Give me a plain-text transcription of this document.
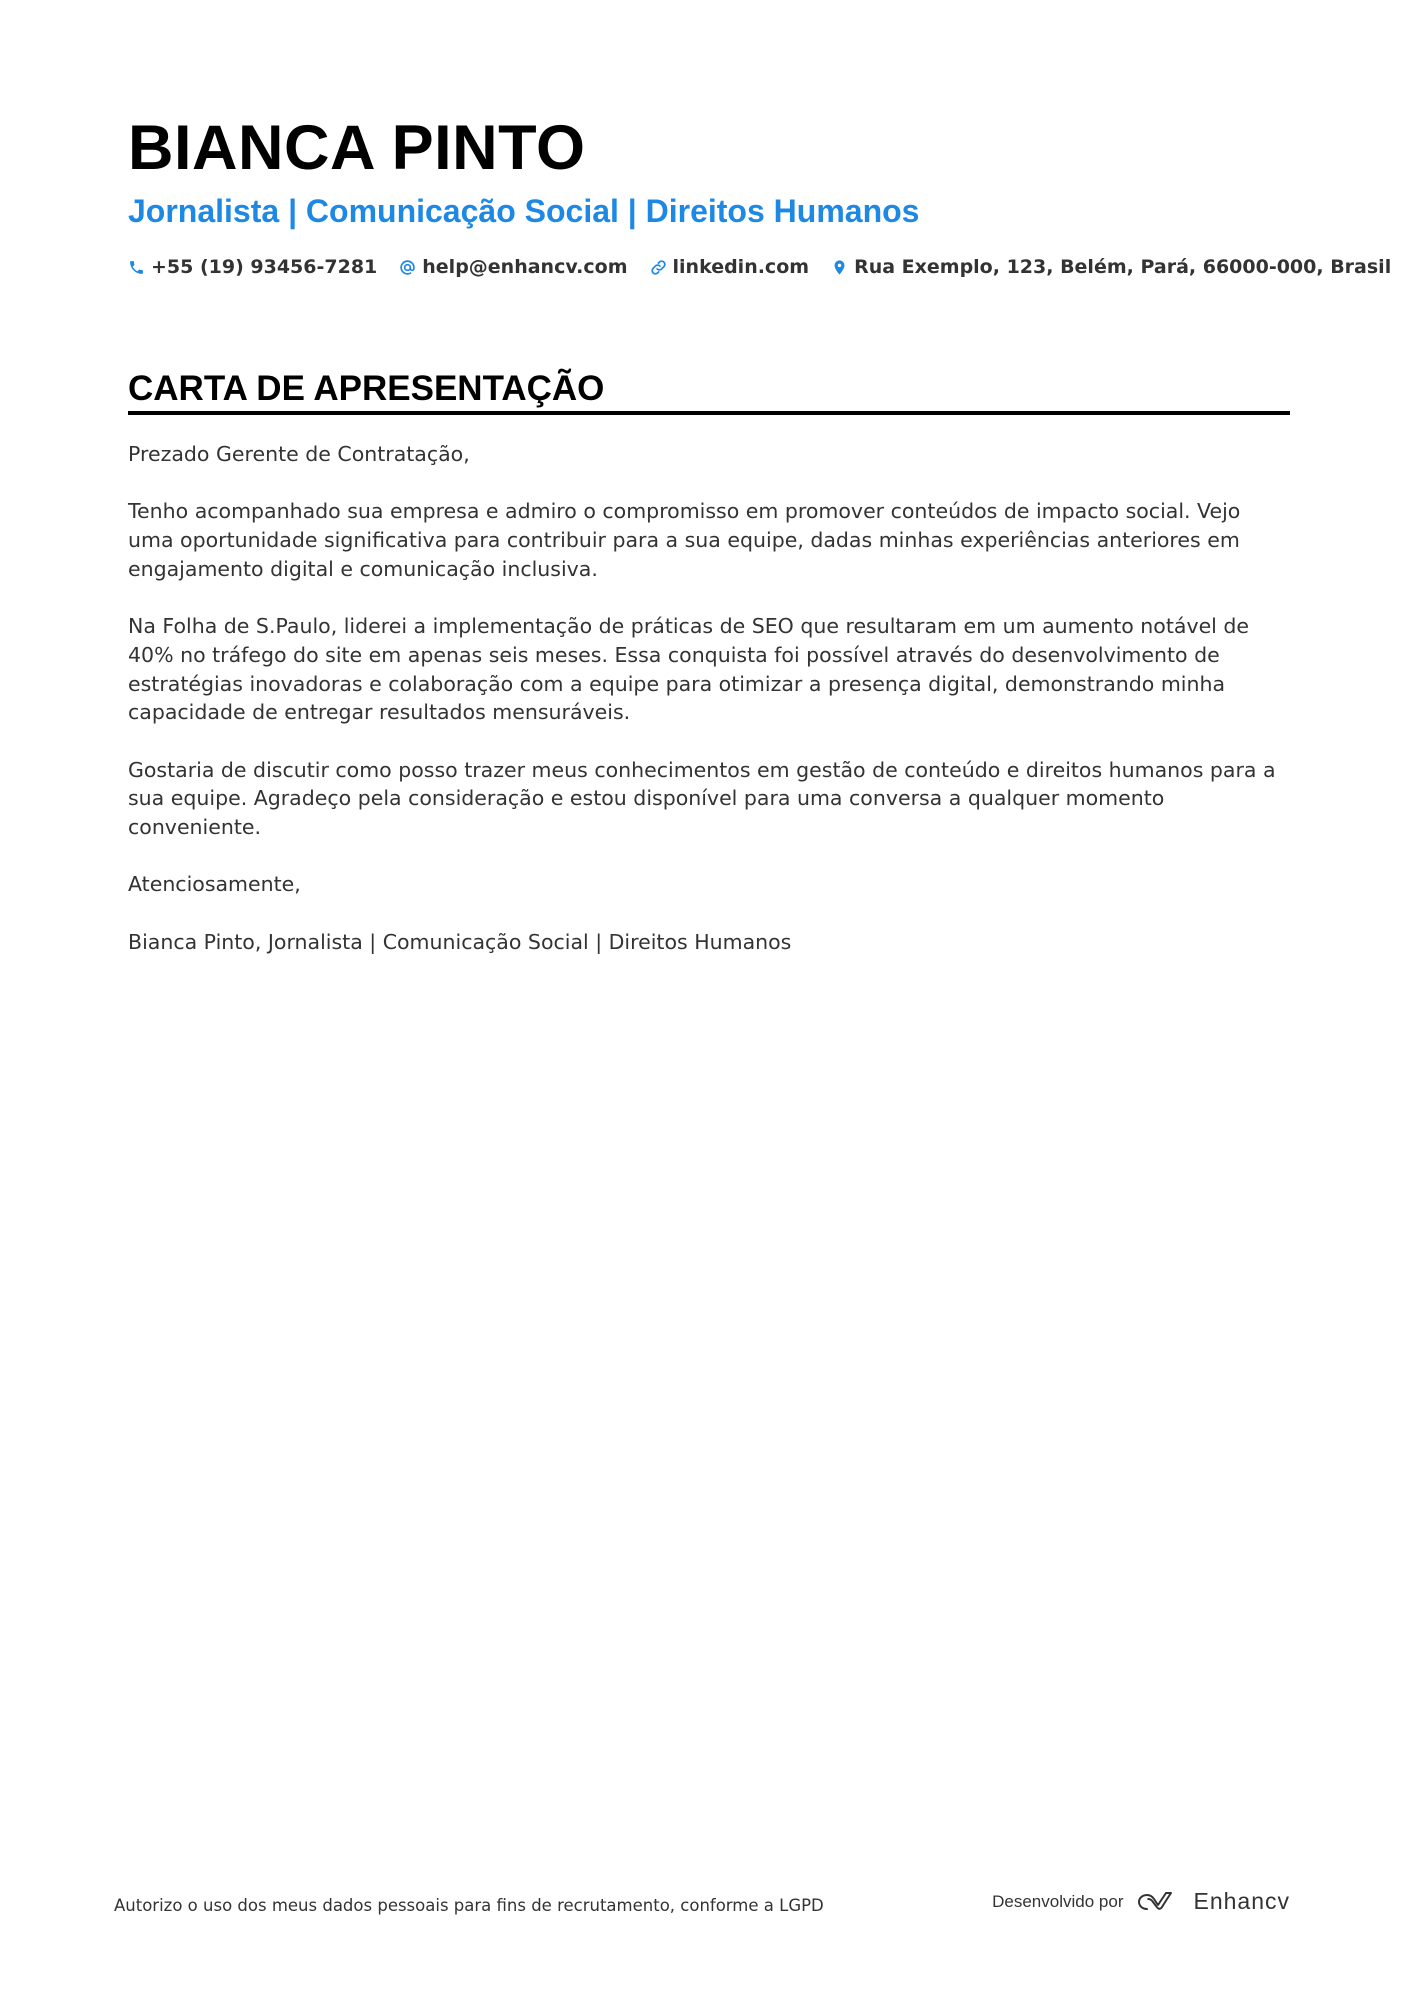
BIANCA PINTO
Jornalista | Comunicação Social | Direitos Humanos
+55 (19) 93456-7281 help@enhancv.com linkedin.com Rua Exemplo, 123, Belém, Pará, 66000-000, Brasil
CARTA DE APRESENTAÇÃO

Prezado Gerente de Contratação,

Tenho acompanhado sua empresa e admiro o compromisso em promover conteúdos de impacto social. Vejo uma oportunidade significativa para contribuir para a sua equipe, dadas minhas experiências anteriores em engajamento digital e comunicação inclusiva.

Na Folha de S.Paulo, liderei a implementação de práticas de SEO que resultaram em um aumento notável de 40% no tráfego do site em apenas seis meses. Essa conquista foi possível através do desenvolvimento de estratégias inovadoras e colaboração com a equipe para otimizar a presença digital, demonstrando minha capacidade de entregar resultados mensuráveis.

Gostaria de discutir como posso trazer meus conhecimentos em gestão de conteúdo e direitos humanos para a sua equipe. Agradeço pela consideração e estou disponível para uma conversa a qualquer momento conveniente.

Atenciosamente,

Bianca Pinto, Jornalista | Comunicação Social | Direitos Humanos

Autorizo o uso dos meus dados pessoais para fins de recrutamento, conforme a LGPD	Desenvolvido por	Enhancv
